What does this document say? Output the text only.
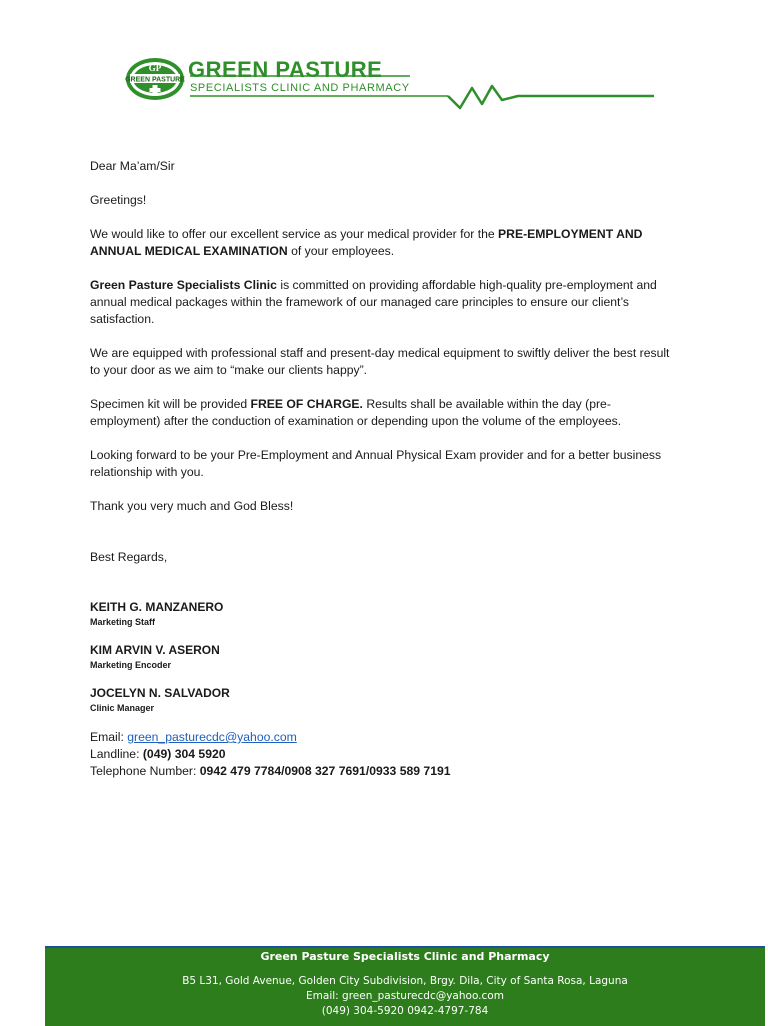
GREEN PASTURE
GP GREEN PASTURE
SPECIALISTS CLINIC AND PHARMACY

Dear Ma’am/Sir

Greetings!

We would like to offer our excellent service as your medical provider for the PRE-EMPLOYMENT AND ANNUAL MEDICAL EXAMINATION of your employees.

Green Pasture Specialists Clinic is committed on providing affordable high-quality pre-employment and annual medical packages within the framework of our managed care principles to ensure our client’s satisfaction.

We are equipped with professional staff and present-day medical equipment to swiftly deliver the best result to your door as we aim to “make our clients happy”.

Specimen kit will be provided FREE OF CHARGE. Results shall be available within the day (pre-employment) after the conduction of examination or depending upon the volume of the employees.

Looking forward to be your Pre-Employment and Annual Physical Exam provider and for a better business relationship with you.

Thank you very much and God Bless!

Best Regards,

KEITH G. MANZANERO
Marketing Staff
KIM ARVIN V. ASERON
Marketing Encoder
JOCELYN N. SALVADOR
Clinic Manager
Email: green_pasturecdc@yahoo.com
Landline: (049) 304 5920
Telephone Number: 0942 479 7784/0908 327 7691/0933 589 7191
Green Pasture Specialists Clinic and Pharmacy
B5 L31, Gold Avenue, Golden City Subdivision, Brgy. Dila, City of Santa Rosa, Laguna
Email: green_pasturecdc@yahoo.com
(049) 304-5920 0942-4797-784
